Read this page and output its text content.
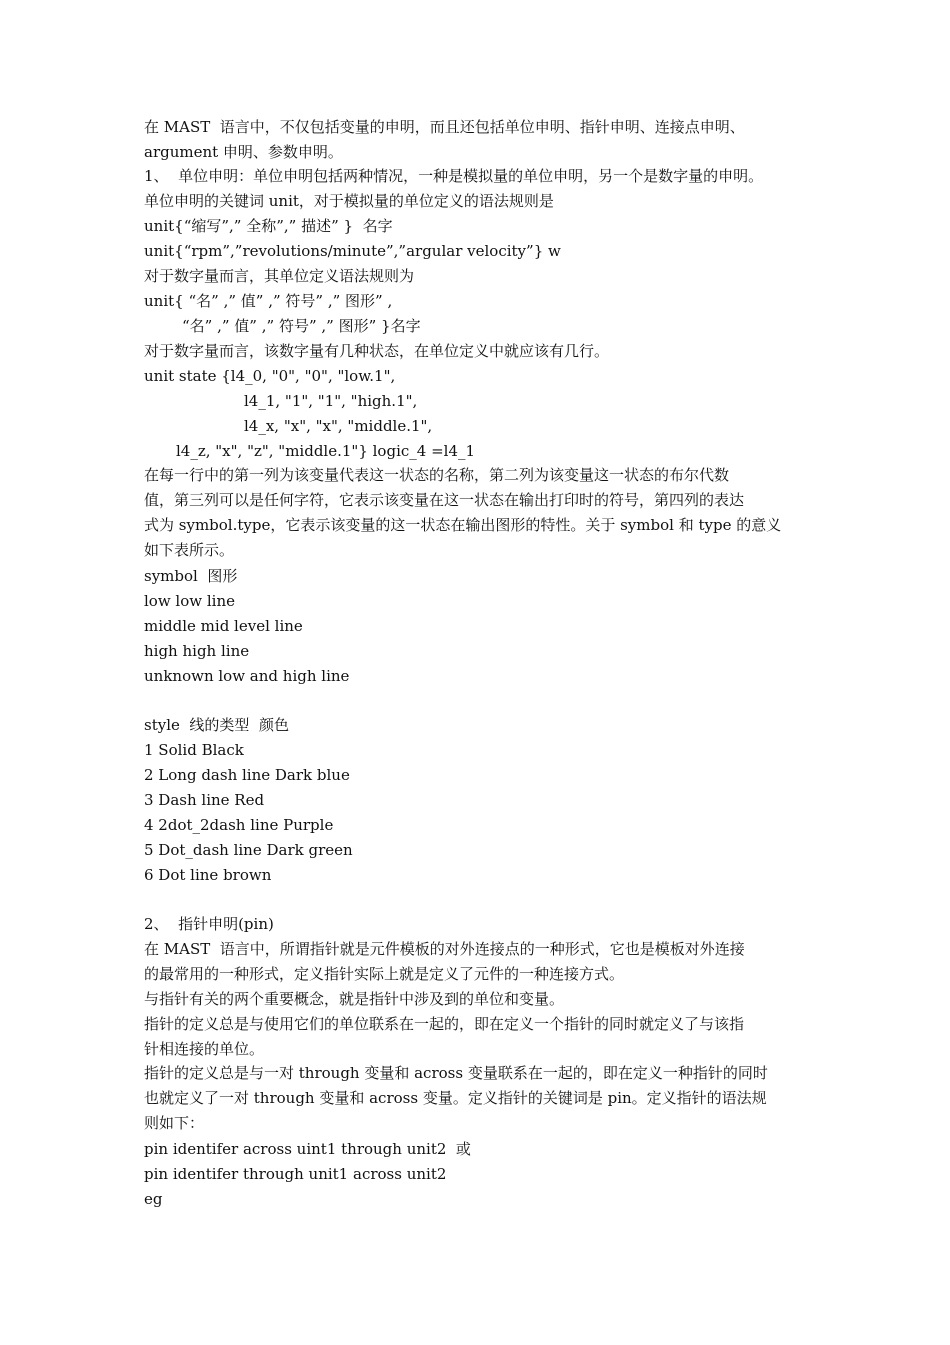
在 MAST  语言中，不仅包括变量的申明，而且还包括单位申明、指针申明、连接点申明、
argument 申明、参数申明。
1、  单位申明：单位申明包括两种情况，一种是模拟量的单位申明，另一个是数字量的申明。
单位申明的关键词 unit，对于模拟量的单位定义的语法规则是
unit{“缩写”,” 全称”,” 描述” }  名字
unit{“rpm”,”revolutions/minute”,”argular velocity”} w
对于数字量而言，其单位定义语法规则为
unit{ “名” ,” 值” ,” 符号” ,” 图形” ,
“名” ,” 值” ,” 符号” ,” 图形” }名字
对于数字量而言，该数字量有几种状态，在单位定义中就应该有几行。
unit state {l4_0, "0", "0", "low.1",
l4_1, "1", "1", "high.1",
l4_x, "x", "x", "middle.1",
l4_z, "x", "z", "middle.1"} logic_4 =l4_1
在每一行中的第一列为该变量代表这一状态的名称，第二列为该变量这一状态的布尔代数
值，第三列可以是任何字符，它表示该变量在这一状态在输出打印时的符号，第四列的表达
式为 symbol.type，它表示该变量的这一状态在输出图形的特性。关于 symbol 和 type 的意义
如下表所示。
symbol  图形
low low line
middle mid level line
high high line
unknown low and high line
style  线的类型  颜色
1 Solid Black
2 Long dash line Dark blue
3 Dash line Red
4 2dot_2dash line Purple
5 Dot_dash line Dark green
6 Dot line brown
2、  指针申明(pin)
在 MAST  语言中，所谓指针就是元件模板的对外连接点的一种形式，它也是模板对外连接
的最常用的一种形式，定义指针实际上就是定义了元件的一种连接方式。
与指针有关的两个重要概念，就是指针中涉及到的单位和变量。
指针的定义总是与使用它们的单位联系在一起的，即在定义一个指针的同时就定义了与该指
针相连接的单位。
指针的定义总是与一对 through 变量和 across 变量联系在一起的，即在定义一种指针的同时
也就定义了一对 through 变量和 across 变量。定义指针的关键词是 pin。定义指针的语法规
则如下：
pin identifer across uint1 through unit2  或
pin identifer through unit1 across unit2
eg
